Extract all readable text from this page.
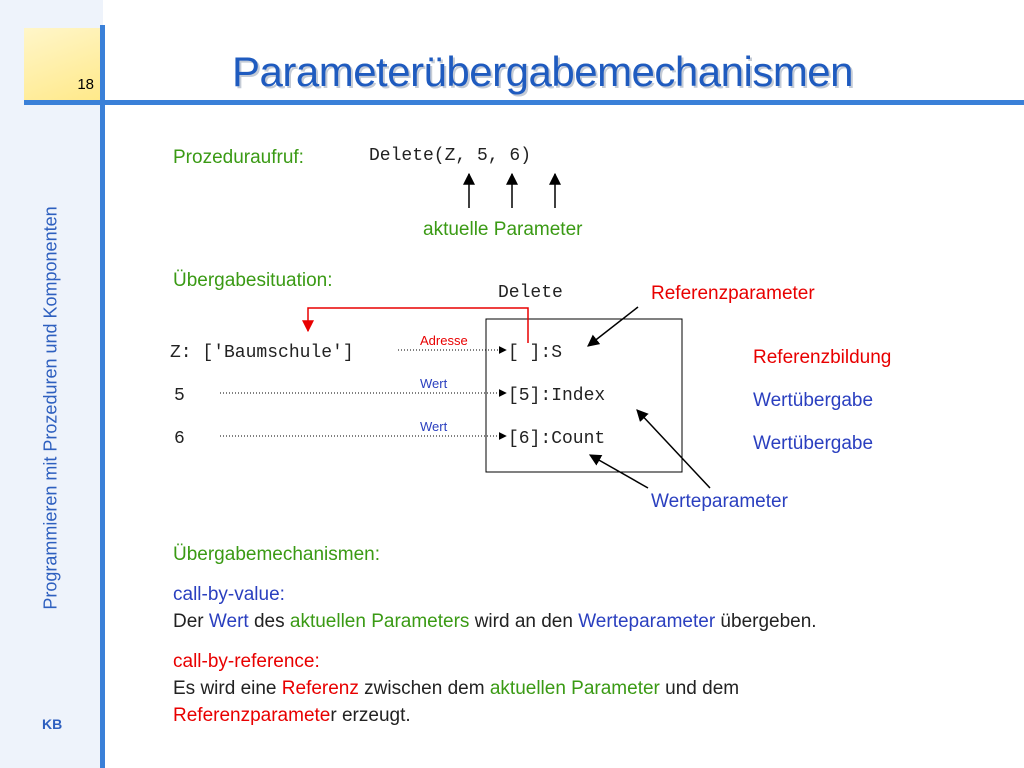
18
Programmieren mit Prozeduren und Komponenten
KB
Parameterübergabemechanismen
Prozeduraufruf:	Delete(Z, 5, 6)
aktuelle Parameter
Übergabesituation:
Delete	Referenzparameter
Z: ['Baumschule']
5
6
Adresse
Wert
Wert
[ ]:S
[5]:Index
[6]:Count
Referenzbildung
Wertübergabe
Wertübergabe
Werteparameter
Übergabemechanismen:
call-by-value:
Der Wert des aktuellen Parameters wird an den Werteparameter übergeben.
call-by-reference:
Es wird eine Referenz zwischen dem aktuellen Parameter und dem
Referenzparameter erzeugt.
